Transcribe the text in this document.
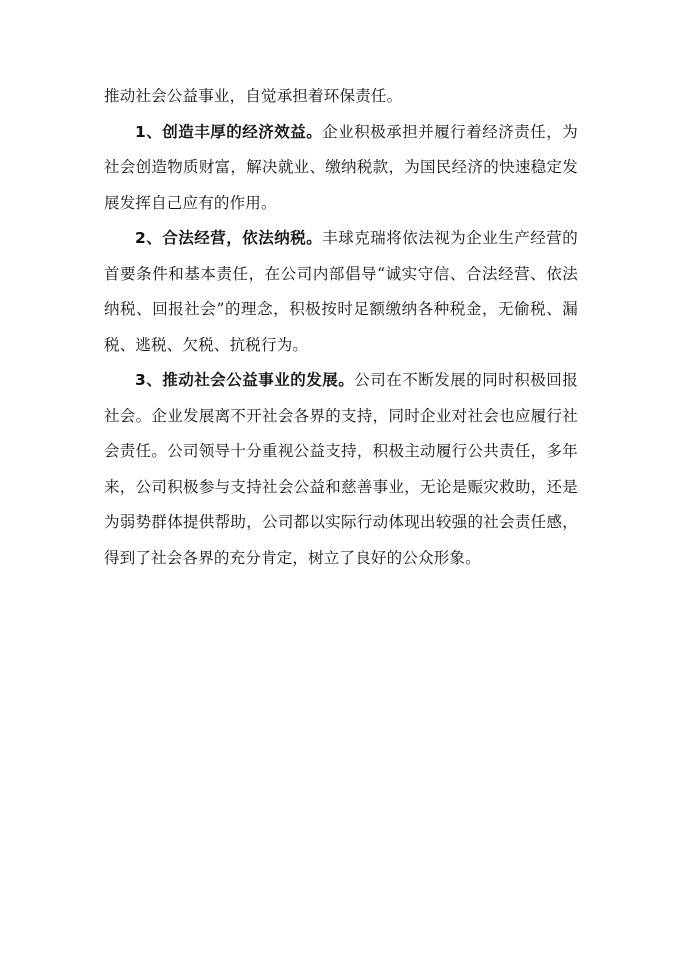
推动社会公益事业，自觉承担着环保责任。

1、创造丰厚的经济效益。企业积极承担并履行着经济责任，为社会创造物质财富，解决就业、缴纳税款，为国民经济的快速稳定发展发挥自己应有的作用。

2、合法经营，依法纳税。丰球克瑞将依法视为企业生产经营的首要条件和基本责任，在公司内部倡导“诚实守信、合法经营、依法纳税、回报社会”的理念，积极按时足额缴纳各种税金，无偷税、漏税、逃税、欠税、抗税行为。

3、推动社会公益事业的发展。公司在不断发展的同时积极回报社会。企业发展离不开社会各界的支持，同时企业对社会也应履行社会责任。公司领导十分重视公益支持，积极主动履行公共责任，多年来，公司积极参与支持社会公益和慈善事业，无论是赈灾救助，还是为弱势群体提供帮助，公司都以实际行动体现出较强的社会责任感，得到了社会各界的充分肯定，树立了良好的公众形象。
